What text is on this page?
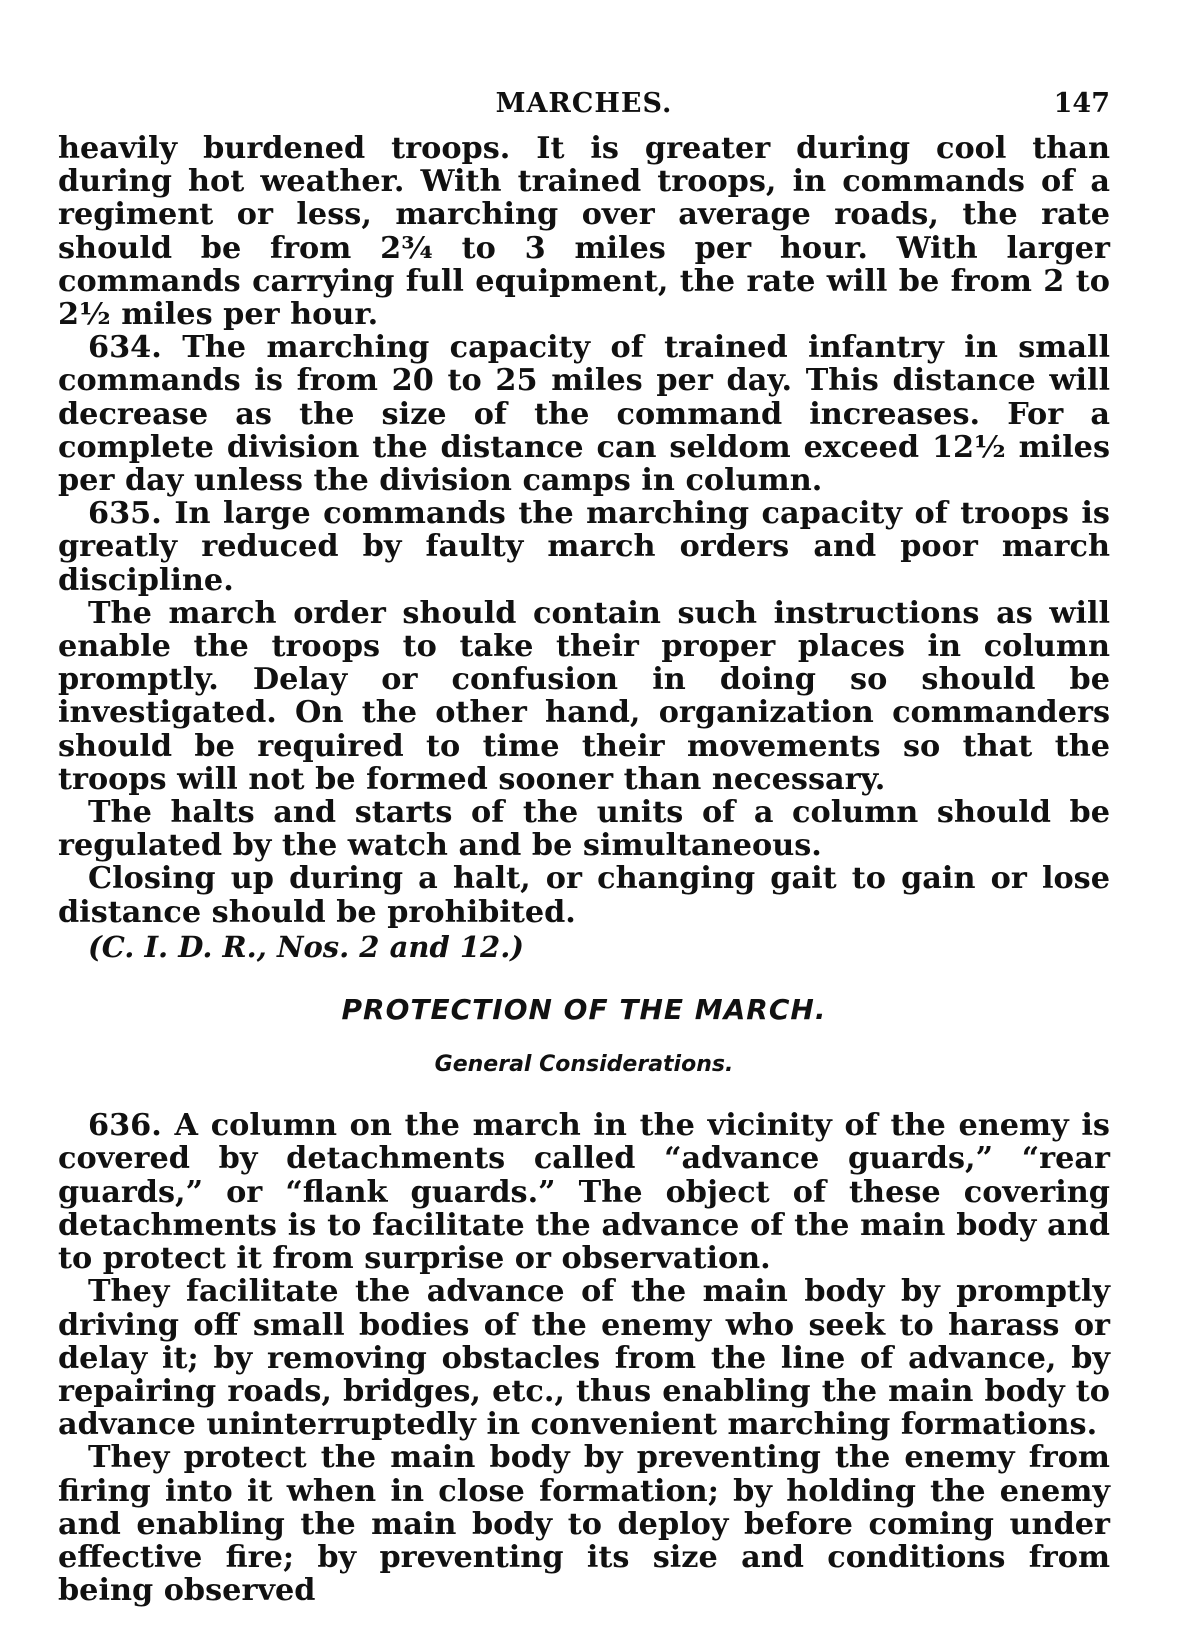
MARCHES.	147

heavily burdened troops. It is greater during cool than during hot weather. With trained troops, in commands of a regiment or less, marching over average roads, the rate should be from 2¾ to 3 miles per hour. With larger commands carrying full equipment, the rate will be from 2 to 2½ miles per hour.

634. The marching capacity of trained infantry in small commands is from 20 to 25 miles per day. This distance will decrease as the size of the command increases. For a complete division the distance can seldom exceed 12½ miles per day unless the division camps in column.

635. In large commands the marching capacity of troops is greatly reduced by faulty march orders and poor march discipline.

The march order should contain such instructions as will enable the troops to take their proper places in column promptly. Delay or confusion in doing so should be investigated. On the other hand, organization commanders should be required to time their movements so that the troops will not be formed sooner than necessary.

The halts and starts of the units of a column should be regulated by the watch and be simultaneous.

Closing up during a halt, or changing gait to gain or lose distance should be prohibited.

(C. I. D. R., Nos. 2 and 12.)
PROTECTION OF THE MARCH.
General Considerations.

636. A column on the march in the vicinity of the enemy is covered by detachments called “advance guards,” “rear guards,” or “flank guards.” The object of these covering detachments is to facilitate the advance of the main body and to protect it from surprise or observation.

They facilitate the advance of the main body by promptly driving off small bodies of the enemy who seek to harass or delay it; by removing obstacles from the line of advance, by repairing roads, bridges, etc., thus enabling the main body to advance uninterruptedly in convenient marching formations.

They protect the main body by preventing the enemy from firing into it when in close formation; by holding the enemy and enabling the main body to deploy before coming under effective fire; by preventing its size and conditions from being observed
